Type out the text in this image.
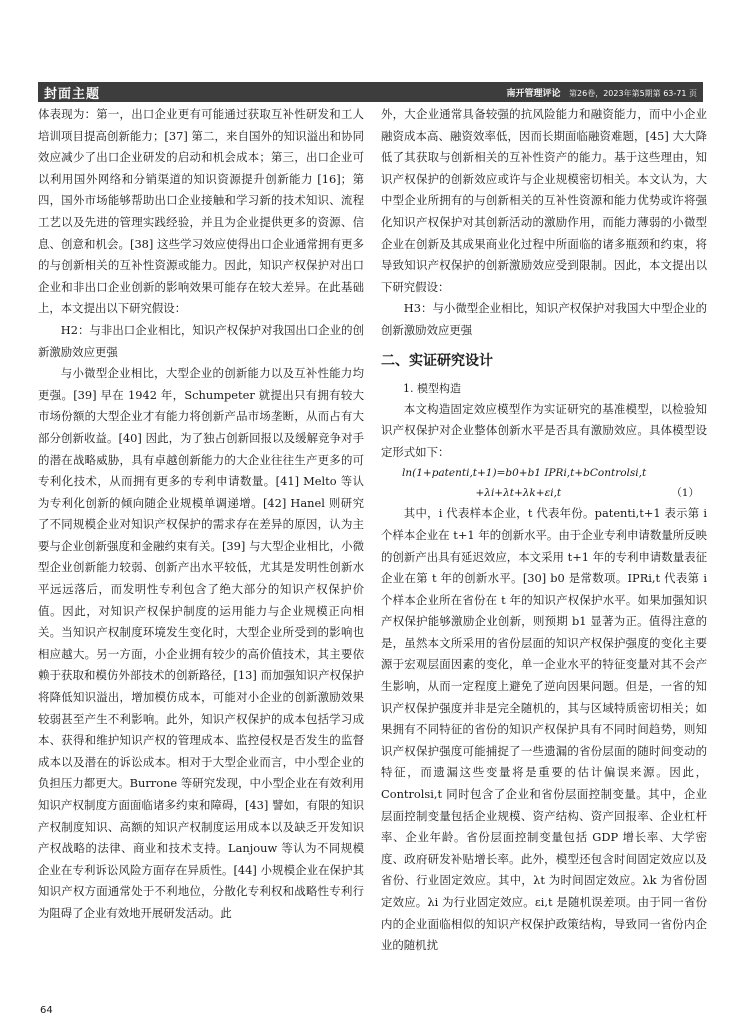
封面主题	南开管理评论 第26卷，2023年第5期第 63-71 页

体表现为：第一，出口企业更有可能通过获取互补性研发和工人培训项目提高创新能力；[37] 第二，来自国外的知识溢出和协同效应减少了出口企业研发的启动和机会成本；第三，出口企业可以利用国外网络和分销渠道的知识资源提升创新能力 [16]；第四，国外市场能够帮助出口企业接触和学习新的技术知识、流程工艺以及先进的管理实践经验，并且为企业提供更多的资源、信息、创意和机会。[38] 这些学习效应使得出口企业通常拥有更多的与创新相关的互补性资源或能力。因此，知识产权保护对出口企业和非出口企业创新的影响效果可能存在较大差异。在此基础上，本文提出以下研究假设：

H2：与非出口企业相比，知识产权保护对我国出口企业的创新激励效应更强

与小微型企业相比，大型企业的创新能力以及互补性能力均更强。[39] 早在 1942 年，Schumpeter 就提出只有拥有较大市场份额的大型企业才有能力将创新产品市场垄断，从而占有大部分创新收益。[40] 因此，为了独占创新回报以及缓解竞争对手的潜在战略威胁，具有卓越创新能力的大企业往往生产更多的可专利化技术，从而拥有更多的专利申请数量。[41] Melto 等认为专利化创新的倾向随企业规模单调递增。[42] Hanel 则研究了不同规模企业对知识产权保护的需求存在差异的原因，认为主要与企业创新强度和金融约束有关。[39] 与大型企业相比，小微型企业创新能力较弱、创新产出水平较低，尤其是发明性创新水平远远落后，而发明性专利包含了绝大部分的知识产权保护价值。因此，对知识产权保护制度的运用能力与企业规模正向相关。当知识产权制度环境发生变化时，大型企业所受到的影响也相应越大。另一方面，小企业拥有较少的高价值技术，其主要依赖于获取和模仿外部技术的创新路径，[13] 而加强知识产权保护将降低知识溢出，增加模仿成本，可能对小企业的创新激励效果较弱甚至产生不利影响。此外，知识产权保护的成本包括学习成本、获得和维护知识产权的管理成本、监控侵权是否发生的监督成本以及潜在的诉讼成本。相对于大型企业而言，中小型企业的负担压力都更大。Burrone 等研究发现，中小型企业在有效利用知识产权制度方面面临诸多约束和障碍，[43] 譬如，有限的知识产权制度知识、高额的知识产权制度运用成本以及缺乏开发知识产权战略的法律、商业和技术支持。Lanjouw 等认为不同规模企业在专利诉讼风险方面存在异质性。[44] 小规模企业在保护其知识产权方面通常处于不利地位，分散化专利权和战略性专利行为阻碍了企业有效地开展研发活动。此

外，大企业通常具备较强的抗风险能力和融资能力，而中小企业融资成本高、融资效率低，因而长期面临融资难题，[45] 大大降低了其获取与创新相关的互补性资产的能力。基于这些理由，知识产权保护的创新效应或许与企业规模密切相关。本文认为，大中型企业所拥有的与创新相关的互补性资源和能力优势或许将强化知识产权保护对其创新活动的激励作用，而能力薄弱的小微型企业在创新及其成果商业化过程中所面临的诸多瓶颈和约束，将导致知识产权保护的创新激励效应受到限制。因此，本文提出以下研究假设：

H3：与小微型企业相比，知识产权保护对我国大中型企业的创新激励效应更强

二、实证研究设计
1. 模型构造

本文构造固定效应模型作为实证研究的基准模型，以检验知识产权保护对企业整体创新水平是否具有激励效应。具体模型设定形式如下：

ln(1+patenti,t+1)=b0+b1 IPRi,t+bControlsi,t
+λi+λt+λk+εi,t	（1）

其中，i 代表样本企业，t 代表年份。patenti,t+1 表示第 i 个样本企业在 t+1 年的创新水平。由于企业专利申请数量所反映的创新产出具有延迟效应，本文采用 t+1 年的专利申请数量表征企业在第 t 年的创新水平。[30] b0 是常数项。IPRi,t 代表第 i 个样本企业所在省份在 t 年的知识产权保护水平。如果加强知识产权保护能够激励企业创新，则预期 b1 显著为正。值得注意的是，虽然本文所采用的省份层面的知识产权保护强度的变化主要源于宏观层面因素的变化，单一企业水平的特征变量对其不会产生影响，从而一定程度上避免了逆向因果问题。但是，一省的知识产权保护强度并非是完全随机的，其与区域特质密切相关；如果拥有不同特征的省份的知识产权保护具有不同时间趋势，则知识产权保护强度可能捕捉了一些遗漏的省份层面的随时间变动的特征，而遗漏这些变量将是重要的估计偏误来源。因此，Controlsi,t 同时包含了企业和省份层面控制变量。其中，企业层面控制变量包括企业规模、资产结构、资产回报率、企业杠杆率、企业年龄。省份层面控制变量包括 GDP 增长率、大学密度、政府研发补贴增长率。此外，模型还包含时间固定效应以及省份、行业固定效应。其中，λt 为时间固定效应。λk 为省份固定效应。λi 为行业固定效应。εi,t 是随机误差项。由于同一省份内的企业面临相似的知识产权保护政策结构，导致同一省份内企业的随机扰

64
